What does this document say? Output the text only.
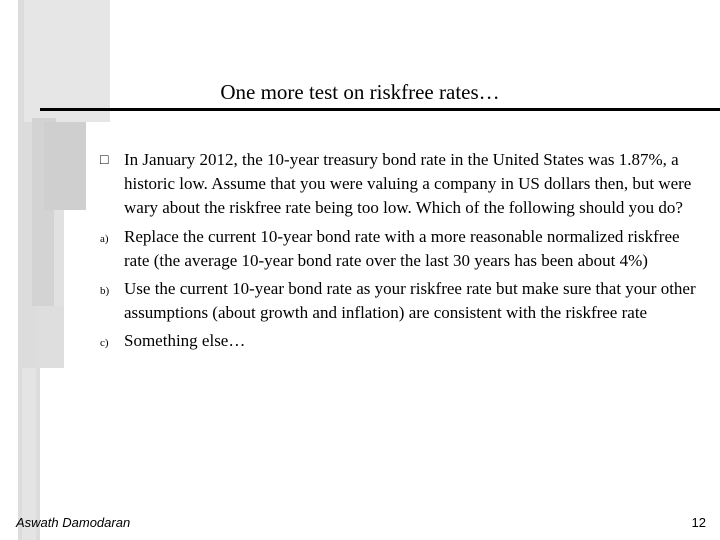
One more test on riskfree rates…
□ In January 2012, the 10-year treasury bond rate in the United States was 1.87%, a historic low. Assume that you were valuing a company in US dollars then, but were wary about the riskfree rate being too low. Which of the following should you do?
a) Replace the current 10-year bond rate with a more reasonable normalized riskfree rate (the average 10-year bond rate over the last 30 years has been about 4%)
b) Use the current 10-year bond rate as your riskfree rate but make sure that your other assumptions (about growth and inflation) are consistent with the riskfree rate
c) Something else…
Aswath Damodaran	12
